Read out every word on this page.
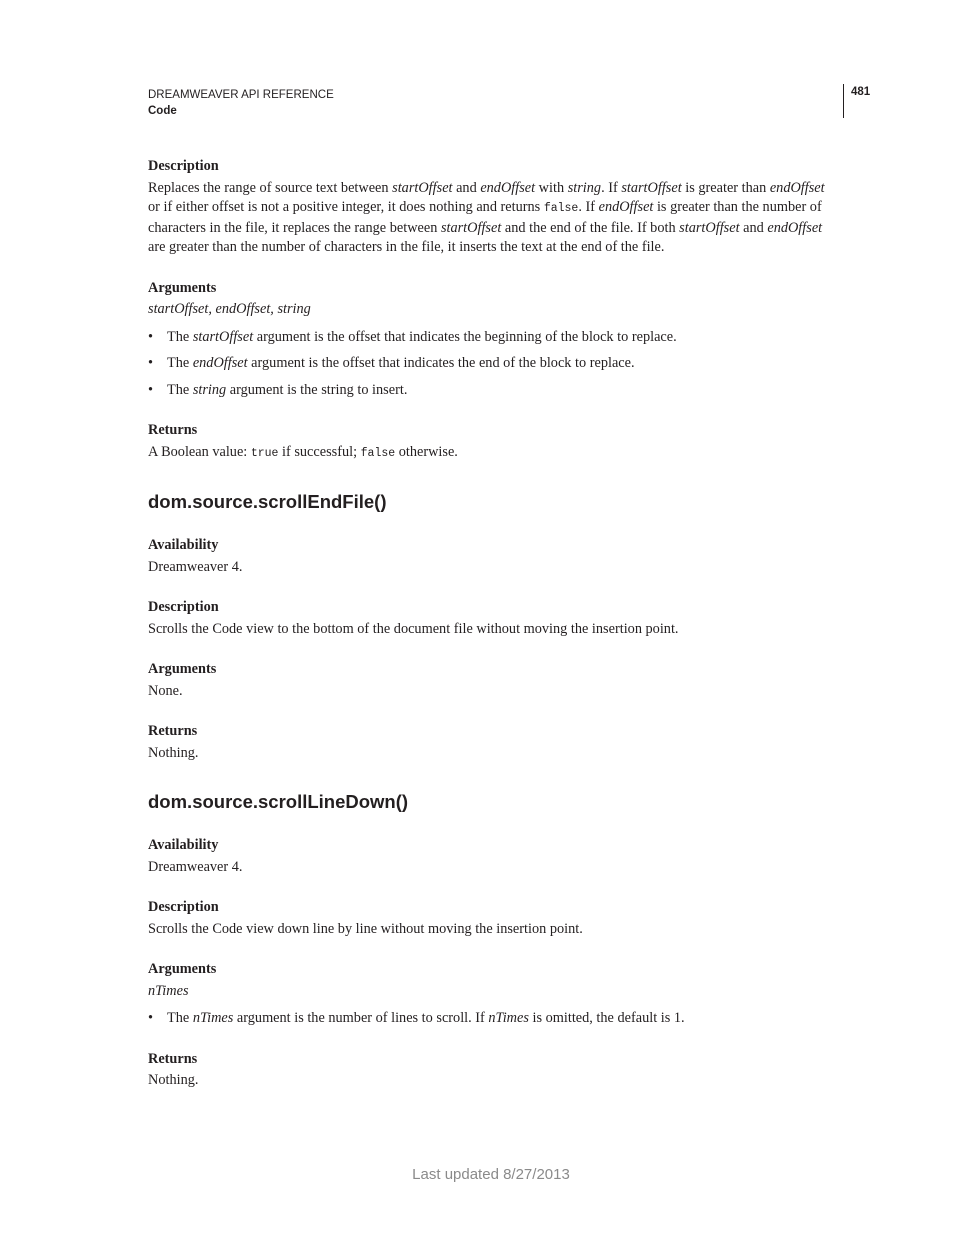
DREAMWEAVER API REFERENCE
Code
481

Description

Replaces the range of source text between startOffset and endOffset with string. If startOffset is greater than endOffset or if either offset is not a positive integer, it does nothing and returns false. If endOffset is greater than the number of characters in the file, it replaces the range between startOffset and the end of the file. If both startOffset and endOffset are greater than the number of characters in the file, it inserts the text at the end of the file.

Arguments

startOffset, endOffset, string

• The startOffset argument is the offset that indicates the beginning of the block to replace.
• The endOffset argument is the offset that indicates the end of the block to replace.
• The string argument is the string to insert.

Returns

A Boolean value: true if successful; false otherwise.

dom.source.scrollEndFile()

Availability

Dreamweaver 4.

Description

Scrolls the Code view to the bottom of the document file without moving the insertion point.

Arguments

None.

Returns

Nothing.

dom.source.scrollLineDown()

Availability

Dreamweaver 4.

Description

Scrolls the Code view down line by line without moving the insertion point.

Arguments

nTimes

• The nTimes argument is the number of lines to scroll. If nTimes is omitted, the default is 1.

Returns

Nothing.

Last updated 8/27/2013
